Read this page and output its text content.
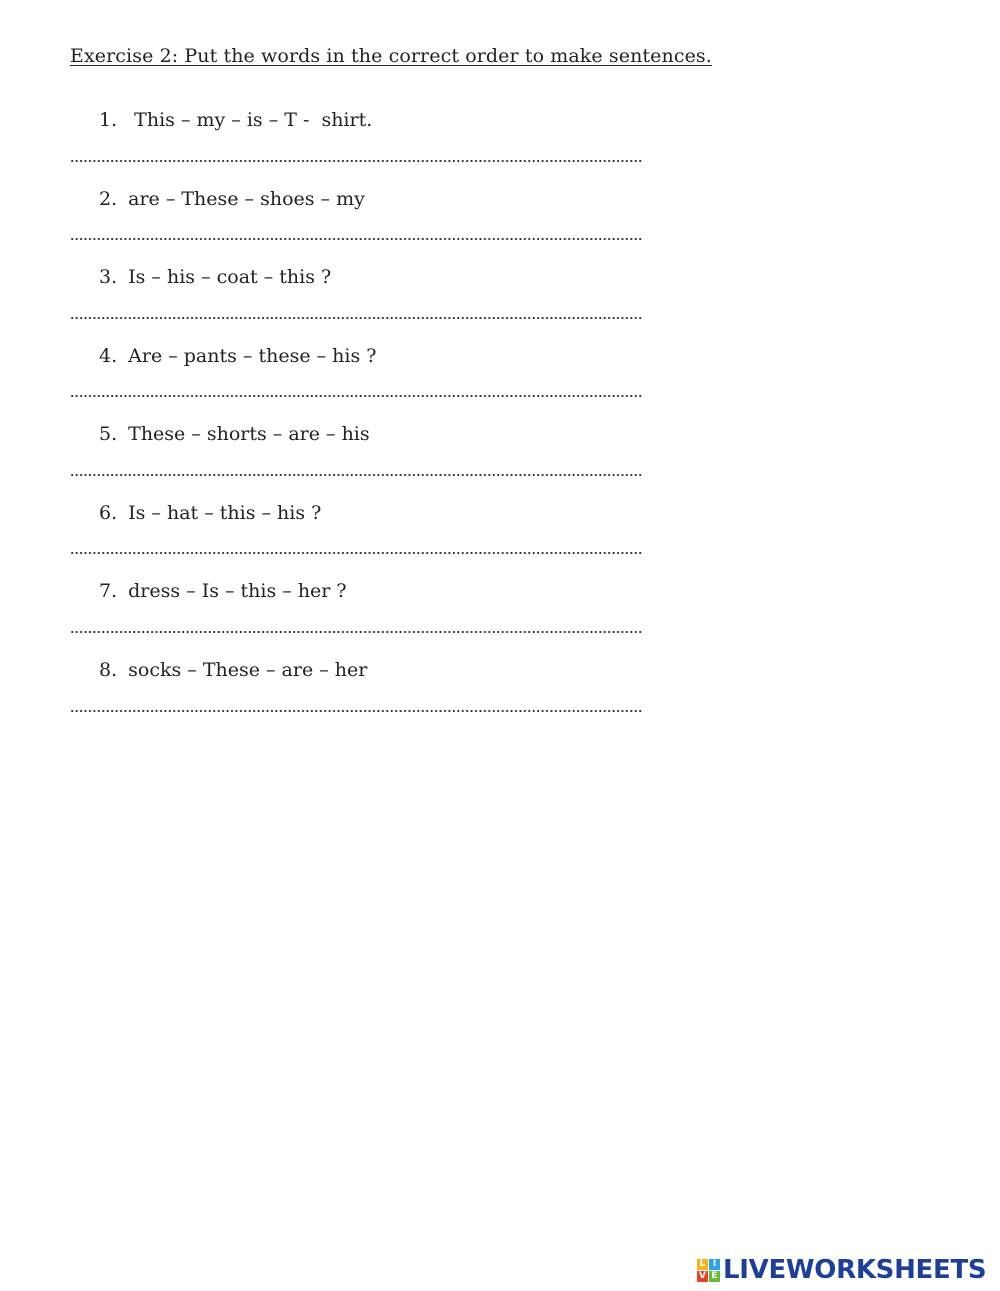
Exercise 2: Put the words in the correct order to make sentences.
1. This – my – is – T -  shirt.
2. are – These – shoes – my
3. Is – his – coat – this ?
4. Are – pants – these – his ?
5. These – shorts – are – his
6. Is – hat – this – his ?
7. dress – Is – this – her ?
8. socks – These – are – her
L I
V E LIVEWORKSHEETS
